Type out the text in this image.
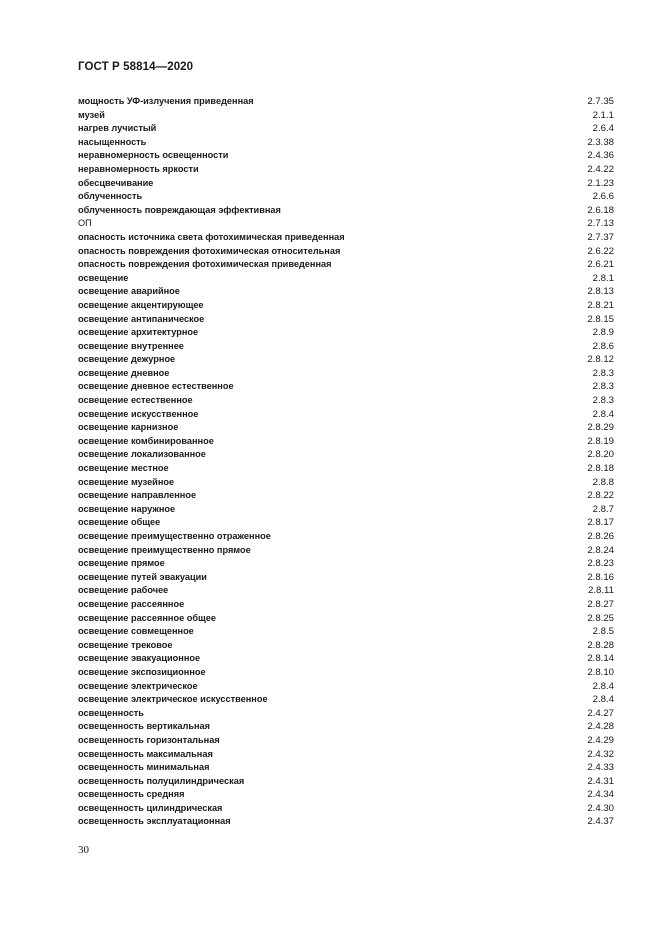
ГОСТ Р 58814—2020
мощность УФ-излучения приведенная	2.7.35
музей	2.1.1
нагрев лучистый	2.6.4
насыщенность	2.3.38
неравномерность освещенности	2.4.36
неравномерность яркости	2.4.22
обесцвечивание	2.1.23
облученность	2.6.6
облученность повреждающая эффективная	2.6.18
ОП	2.7.13
опасность источника света фотохимическая приведенная	2.7.37
опасность повреждения фотохимическая относительная	2.6.22
опасность повреждения фотохимическая приведенная	2.6.21
освещение	2.8.1
освещение аварийное	2.8.13
освещение акцентирующее	2.8.21
освещение антипаническое	2.8.15
освещение архитектурное	2.8.9
освещение внутреннее	2.8.6
освещение дежурное	2.8.12
освещение дневное	2.8.3
освещение дневное естественное	2.8.3
освещение естественное	2.8.3
освещение искусственное	2.8.4
освещение карнизное	2.8.29
освещение комбинированное	2.8.19
освещение локализованное	2.8.20
освещение местное	2.8.18
освещение музейное	2.8.8
освещение направленное	2.8.22
освещение наружное	2.8.7
освещение общее	2.8.17
освещение преимущественно отраженное	2.8.26
освещение преимущественно прямое	2.8.24
освещение прямое	2.8.23
освещение путей эвакуации	2.8.16
освещение рабочее	2.8.11
освещение рассеянное	2.8.27
освещение рассеянное общее	2.8.25
освещение совмещенное	2.8.5
освещение трековое	2.8.28
освещение эвакуационное	2.8.14
освещение экспозиционное	2.8.10
освещение электрическое	2.8.4
освещение электрическое искусственное	2.8.4
освещенность	2.4.27
освещенность вертикальная	2.4.28
освещенность горизонтальная	2.4.29
освещенность максимальная	2.4.32
освещенность минимальная	2.4.33
освещенность полуцилиндрическая	2.4.31
освещенность средняя	2.4.34
освещенность цилиндрическая	2.4.30
освещенность эксплуатационная	2.4.37
30
